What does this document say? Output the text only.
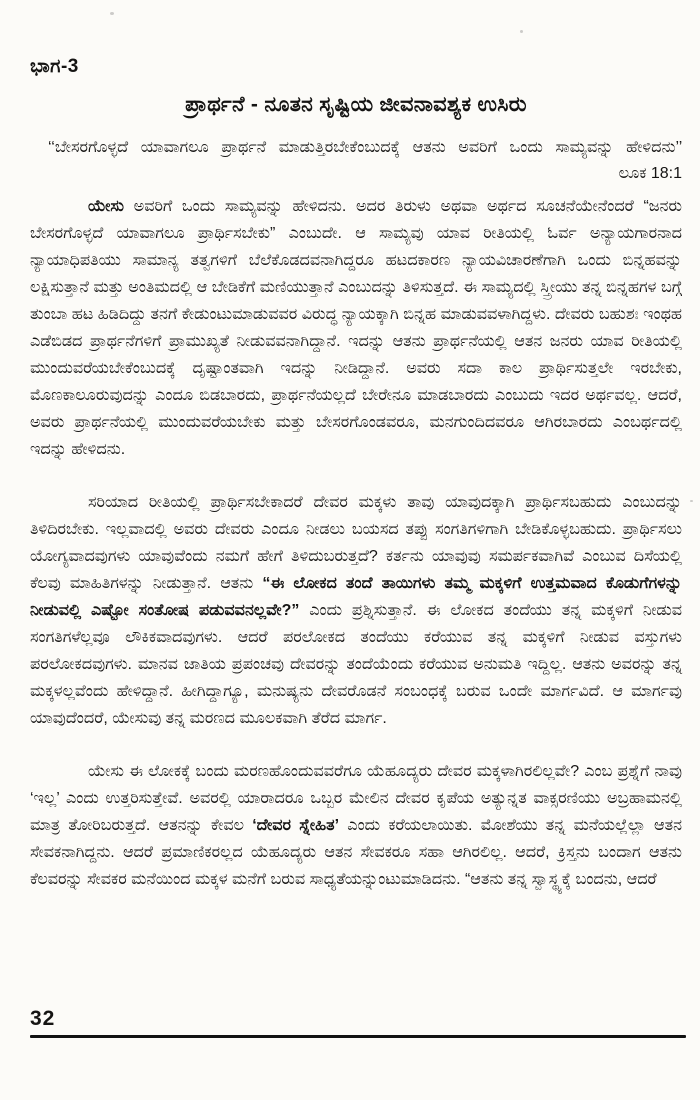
ಭಾಗ-3
ಪ್ರಾರ್ಥನೆ - ನೂತನ ಸೃಷ್ಟಿಯ ಜೀವನಾವಶ್ಯಕ ಉಸಿರು
‘‘ಬೇಸರಗೊಳ್ಳದೆ ಯಾವಾಗಲೂ ಪ್ರಾರ್ಥನೆ ಮಾಡುತ್ತಿರಬೇಕೆಂಬುದಕ್ಕೆ ಆತನು ಅವರಿಗೆ ಒಂದು ಸಾಮ್ಯವನ್ನು ಹೇಳಿದನು’’ ಲೂಕ 18:1

ಯೇಸು ಅವರಿಗೆ ಒಂದು ಸಾಮ್ಯವನ್ನು ಹೇಳಿದನು. ಅದರ ತಿರುಳು ಅಥವಾ ಅರ್ಥದ ಸೂಚನೆಯೇನೆಂದರೆ “ಜನರು ಬೇಸರಗೊಳ್ಳದೆ ಯಾವಾಗಲೂ ಪ್ರಾರ್ಥಿಸಬೇಕು” ಎಂಬುದೇ. ಆ ಸಾಮ್ಯವು ಯಾವ ರೀತಿಯಲ್ಲಿ ಓರ್ವ ಅನ್ಯಾಯಗಾರನಾದ ನ್ಯಾಯಾಧಿಪತಿಯು ಸಾಮಾನ್ಯ ತತ್ವಗಳಿಗೆ ಬೆಲೆಕೊಡದವನಾಗಿದ್ದರೂ ಹಟದಕಾರಣ ನ್ಯಾಯವಿಚಾರಣೆಗಾಗಿ ಒಂದು ಬಿನ್ನಹವನ್ನು ಲಕ್ಷಿಸುತ್ತಾನೆ ಮತ್ತು ಅಂತಿಮದಲ್ಲಿ ಆ ಬೇಡಿಕೆಗೆ ಮಣಿಯುತ್ತಾನೆ ಎಂಬುದನ್ನು ತಿಳಿಸುತ್ತದೆ. ಈ ಸಾಮ್ಯದಲ್ಲಿ ಸ್ತ್ರೀಯು ತನ್ನ ಬಿನ್ನಹಗಳ ಬಗ್ಗೆ ತುಂಬಾ ಹಟ ಹಿಡಿದಿದ್ದು ತನಗೆ ಕೇಡುಂಟುಮಾಡುವವರ ವಿರುದ್ಧ ನ್ಯಾಯಕ್ಕಾಗಿ ಬಿನ್ನಹ ಮಾಡುವವಳಾಗಿದ್ದಳು. ದೇವರು ಬಹುಶಃ ಇಂಥಹ ಎಡೆಬಿಡದ ಪ್ರಾರ್ಥನೆಗಳಿಗೆ ಪ್ರಾಮುಖ್ಯತೆ ನೀಡುವವನಾಗಿದ್ದಾನೆ. ಇದನ್ನು ಆತನು ಪ್ರಾರ್ಥನೆಯಲ್ಲಿ ಆತನ ಜನರು ಯಾವ ರೀತಿಯಲ್ಲಿ ಮುಂದುವರೆಯಬೇಕೆಂಬುದಕ್ಕೆ ದೃಷ್ಟಾಂತವಾಗಿ ಇದನ್ನು ನೀಡಿದ್ದಾನೆ. ಅವರು ಸದಾ ಕಾಲ ಪ್ರಾರ್ಥಿಸುತ್ತಲೇ ಇರಬೇಕು, ಮೊಣಕಾಲೂರುವುದನ್ನು ಎಂದೂ ಬಿಡಬಾರದು, ಪ್ರಾರ್ಥನೆಯಲ್ಲದೆ ಬೇರೇನೂ ಮಾಡಬಾರದು ಎಂಬುದು ಇದರ ಅರ್ಥವಲ್ಲ. ಆದರೆ, ಅವರು ಪ್ರಾರ್ಥನೆಯಲ್ಲಿ ಮುಂದುವರೆಯಬೇಕು ಮತ್ತು ಬೇಸರಗೊಂಡವರೂ, ಮನಗುಂದಿದವರೂ ಆಗಿರಬಾರದು ಎಂಬರ್ಥದಲ್ಲಿ ಇದನ್ನು ಹೇಳಿದನು.

ಸರಿಯಾದ ರೀತಿಯಲ್ಲಿ ಪ್ರಾರ್ಥಿಸಬೇಕಾದರೆ ದೇವರ ಮಕ್ಕಳು ತಾವು ಯಾವುದಕ್ಕಾಗಿ ಪ್ರಾರ್ಥಿಸಬಹುದು ಎಂಬುದನ್ನು ತಿಳಿದಿರಬೇಕು. ಇಲ್ಲವಾದಲ್ಲಿ ಅವರು ದೇವರು ಎಂದೂ ನೀಡಲು ಬಯಸದ ತಪ್ಪು ಸಂಗತಿಗಳಿಗಾಗಿ ಬೇಡಿಕೊಳ್ಳಬಹುದು. ಪ್ರಾರ್ಥಿಸಲು ಯೋಗ್ಯವಾದವುಗಳು ಯಾವುವೆಂದು ನಮಗೆ ಹೇಗೆ ತಿಳಿದುಬರುತ್ತದೆ? ಕರ್ತನು ಯಾವುವು ಸಮರ್ಪಕವಾಗಿವೆ ಎಂಬುವ ದಿಸೆಯಲ್ಲಿ ಕೆಲವು ಮಾಹಿತಿಗಳನ್ನು ನೀಡುತ್ತಾನೆ. ಆತನು “ಈ ಲೋಕದ ತಂದೆ ತಾಯಿಗಳು ತಮ್ಮ ಮಕ್ಕಳಿಗೆ ಉತ್ತಮವಾದ ಕೊಡುಗೆಗಳನ್ನು ನೀಡುವಲ್ಲಿ ಎಷ್ಟೋ ಸಂತೋಷ ಪಡುವವನಲ್ಲವೇ?” ಎಂದು ಪ್ರಶ್ನಿಸುತ್ತಾನೆ. ಈ ಲೋಕದ ತಂದೆಯು ತನ್ನ ಮಕ್ಕಳಿಗೆ ನೀಡುವ ಸಂಗತಿಗಳೆಲ್ಲವೂ ಲೌಕಿಕವಾದವುಗಳು. ಆದರೆ ಪರಲೋಕದ ತಂದೆಯು ಕರೆಯುವ ತನ್ನ ಮಕ್ಕಳಿಗೆ ನೀಡುವ ವಸ್ತುಗಳು ಪರಲೋಕದವುಗಳು. ಮಾನವ ಜಾತಿಯ ಪ್ರಪಂಚವು ದೇವರನ್ನು ತಂದೆಯೆಂದು ಕರೆಯುವ ಅನುಮತಿ ಇದ್ದಿಲ್ಲ. ಆತನು ಅವರನ್ನು ತನ್ನ ಮಕ್ಕಳಲ್ಲವೆಂದು ಹೇಳಿದ್ದಾನೆ. ಹೀಗಿದ್ದಾಗ್ಯೂ, ಮನುಷ್ಯನು ದೇವರೊಡನೆ ಸಂಬಂಧಕ್ಕೆ ಬರುವ ಒಂದೇ ಮಾರ್ಗವಿದೆ. ಆ ಮಾರ್ಗವು ಯಾವುದೆಂದರೆ, ಯೇಸುವು ತನ್ನ ಮರಣದ ಮೂಲಕವಾಗಿ ತೆರೆದ ಮಾರ್ಗ.

ಯೇಸು ಈ ಲೋಕಕ್ಕೆ ಬಂದು ಮರಣಹೊಂದುವವರೆಗೂ ಯೆಹೂದ್ಯರು ದೇವರ ಮಕ್ಕಳಾಗಿರಲಿಲ್ಲವೇ? ಎಂಬ ಪ್ರಶ್ನೆಗೆ ನಾವು ‘ಇಲ್ಲ’ ಎಂದು ಉತ್ತರಿಸುತ್ತೇವೆ. ಅವರಲ್ಲಿ ಯಾರಾದರೂ ಒಬ್ಬರ ಮೇಲಿನ ದೇವರ ಕೃಪೆಯ ಅತ್ಯುನ್ನತ ವಾಕ್ಸರಣಿಯು ಅಬ್ರಹಾಮನಲ್ಲಿ ಮಾತ್ರ ತೋರಿಬರುತ್ತದೆ. ಆತನನ್ನು ಕೇವಲ ‘ದೇವರ ಸ್ನೇಹಿತ’ ಎಂದು ಕರೆಯಲಾಯಿತು. ಮೋಶೆಯು ತನ್ನ ಮನೆಯಲ್ಲೆಲ್ಲಾ ಆತನ ಸೇವಕನಾಗಿದ್ದನು. ಆದರೆ ಪ್ರಮಾಣಿಕರಲ್ಲದ ಯೆಹೂದ್ಯರು ಆತನ ಸೇವಕರೂ ಸಹಾ ಆಗಿರಲಿಲ್ಲ. ಆದರೆ, ಕ್ರಿಸ್ತನು ಬಂದಾಗ ಆತನು ಕೆಲವರನ್ನು ಸೇವಕರ ಮನೆಯಿಂದ ಮಕ್ಕಳ ಮನೆಗೆ ಬರುವ ಸಾಧ್ಯತೆಯನ್ನುಂಟುಮಾಡಿದನು. “ಆತನು ತನ್ನ ಸ್ವಾಸ್ಥ್ಯಕ್ಕೆ ಬಂದನು, ಆದರೆ

32
